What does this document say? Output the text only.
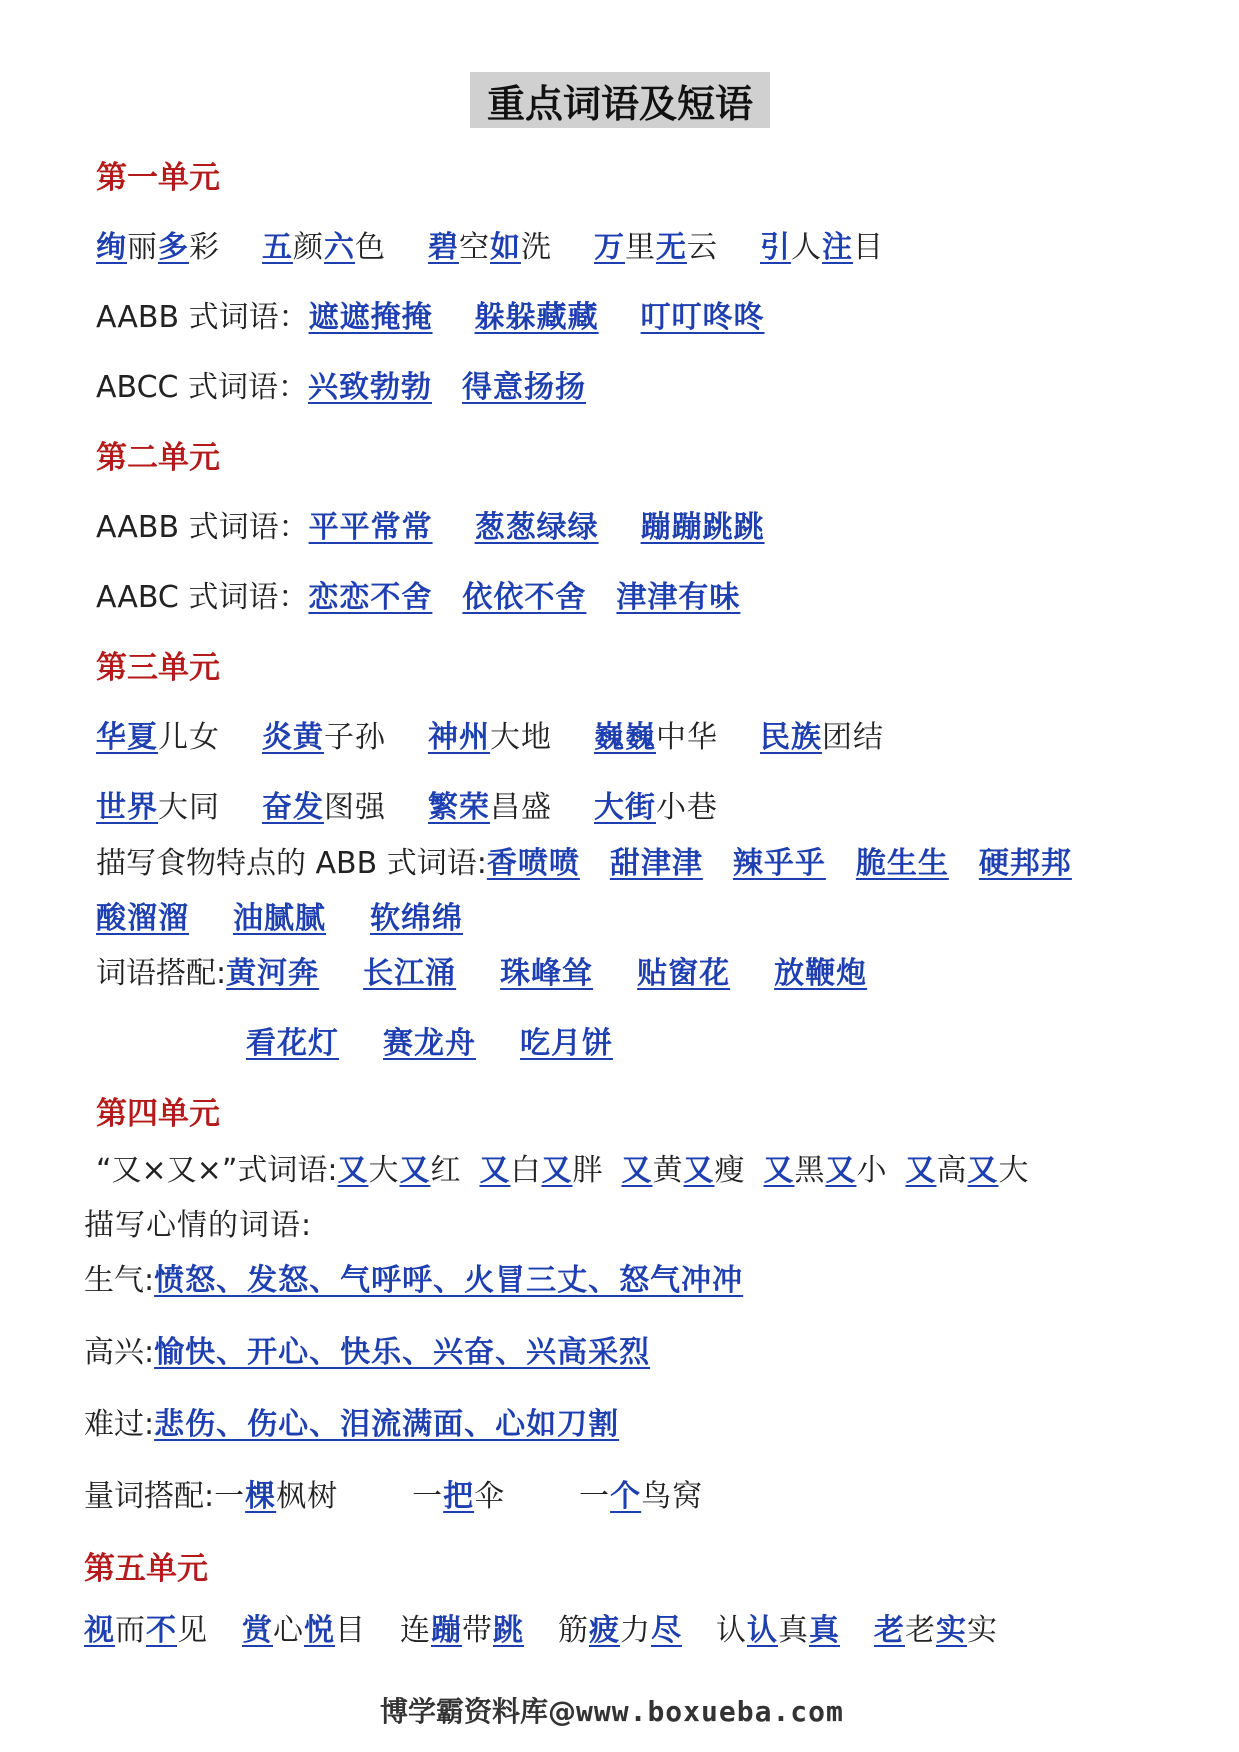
重点词语及短语
第一单元
绚丽多彩 五颜六色 碧空如洗 万里无云 引人注目
AABB 式词语：遮遮掩掩 躲躲藏藏 叮叮咚咚
ABCC 式词语：兴致勃勃 得意扬扬
第二单元
AABB 式词语：平平常常 葱葱绿绿 蹦蹦跳跳
AABC 式词语：恋恋不舍 依依不舍 津津有味
第三单元
华夏儿女 炎黄子孙 神州大地 巍巍中华 民族团结
世界大同 奋发图强 繁荣昌盛 大街小巷
描写食物特点的 ABB 式词语:香喷喷 甜津津 辣乎乎 脆生生 硬邦邦
酸溜溜 油腻腻 软绵绵
词语搭配:黄河奔 长江涌 珠峰耸 贴窗花 放鞭炮
看花灯 赛龙舟 吃月饼
第四单元
“又×又×”式词语:又大又红 又白又胖 又黄又瘦 又黑又小 又高又大
描写心情的词语:
生气:愤怒、发怒、气呼呼、火冒三丈、怒气冲冲
高兴:愉快、开心、快乐、兴奋、兴高采烈
难过:悲伤、伤心、泪流满面、心如刀割
量词搭配:一棵枫树 一把伞 一个鸟窝
第五单元
视而不见 赏心悦目 连蹦带跳 筋疲力尽 认认真真 老老实实
博学霸资料库@www.boxueba.com
